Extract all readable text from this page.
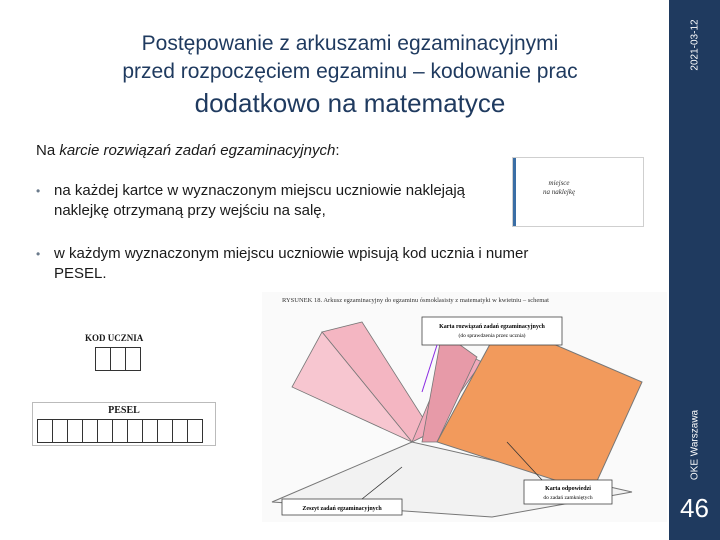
2021-03-12
OKE Warszawa
46
Postępowanie z arkuszami egzaminacyjnymi
przed rozpoczęciem egzaminu – kodowanie prac
dodatkowo na matematyce
Na karcie rozwiązań zadań egzaminacyjnych:
• na każdej kartce w wyznaczonym miejscu uczniowie naklejają naklejkę otrzymaną przy wejściu na salę,
• w każdym wyznaczonym miejscu uczniowie wpisują kod ucznia i numer PESEL.
miejsce
na naklejkę
KOD UCZNIA
PESEL
RYSUNEK 18. Arkusz egzaminacyjny do egzaminu ósmoklasisty z matematyki w kwietniu – schemat
Karta rozwiązań zadań egzaminacyjnych
(do sprawdzenia przez ucznia)
Karta odpowiedzi
do zadań zamkniętych
Zeszyt zadań egzaminacyjnych
